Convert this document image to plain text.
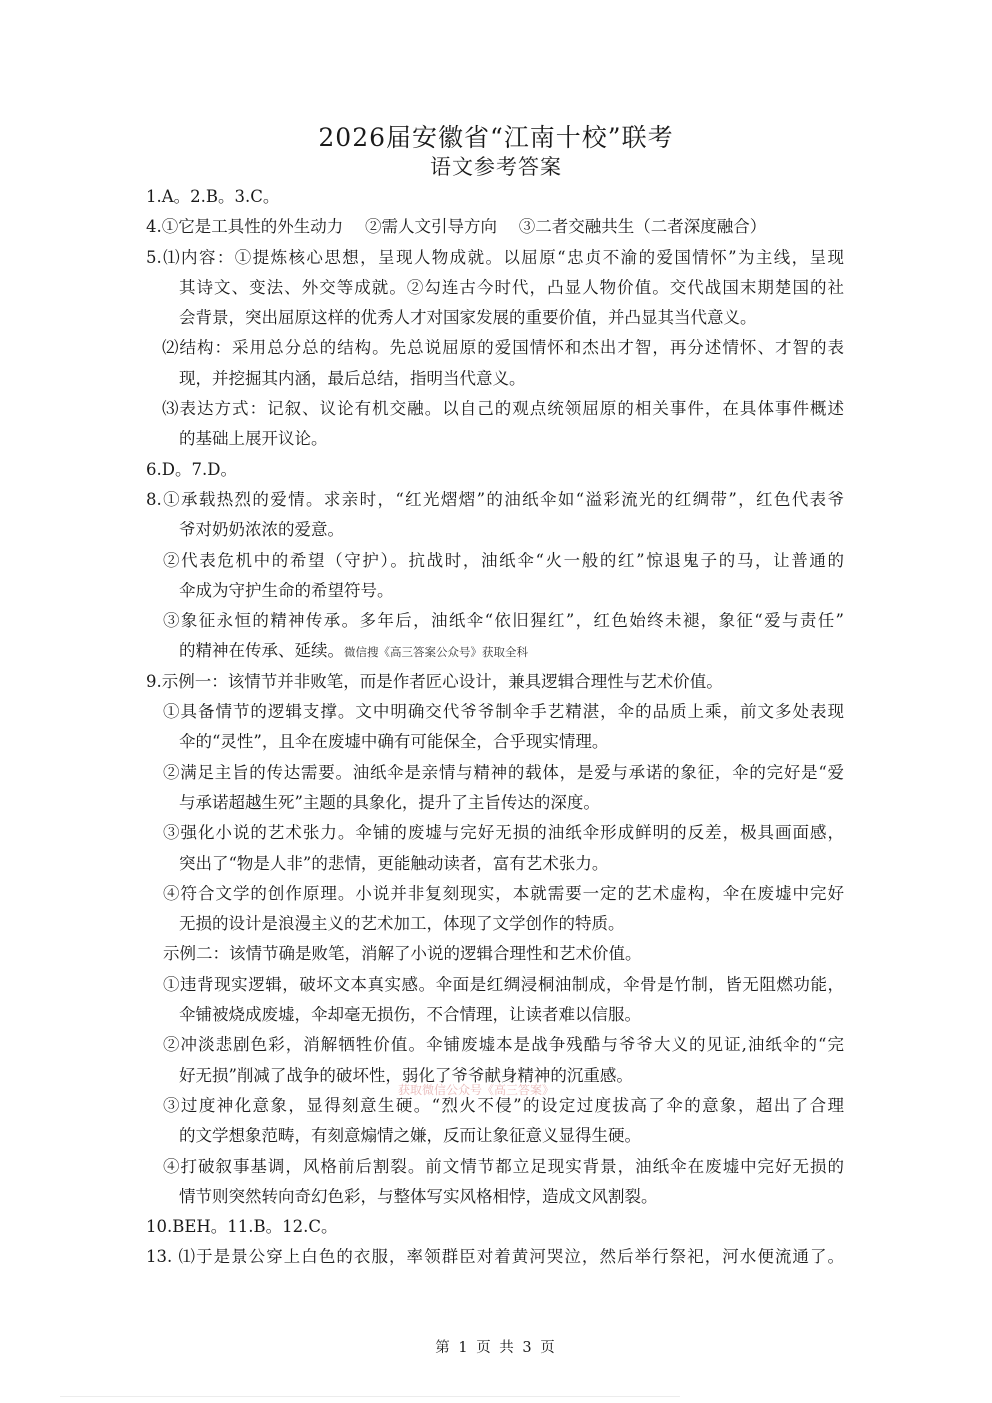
2026届安徽省“江南十校”联考
语文参考答案
1.A。2.B。3.C。
4.①它是工具性的外生动力　 ②需人文引导方向　 ③二者交融共生（二者深度融合）
5.⑴内容：①提炼核心思想，呈现人物成就。以屈原“忠贞不渝的爱国情怀”为主线，呈现
其诗文、变法、外交等成就。②勾连古今时代，凸显人物价值。交代战国末期楚国的社
会背景，突出屈原这样的优秀人才对国家发展的重要价值，并凸显其当代意义。
⑵结构：采用总分总的结构。先总说屈原的爱国情怀和杰出才智，再分述情怀、才智的表
现，并挖掘其内涵，最后总结，指明当代意义。
⑶表达方式：记叙、议论有机交融。以自己的观点统领屈原的相关事件，在具体事件概述
的基础上展开议论。
6.D。7.D。
8.①承载热烈的爱情。求亲时，“红光熠熠”的油纸伞如“溢彩流光的红绸带”，红色代表爷
爷对奶奶浓浓的爱意。
②代表危机中的希望（守护）。抗战时，油纸伞“火一般的红”惊退鬼子的马，让普通的
伞成为守护生命的希望符号。
③象征永恒的精神传承。多年后，油纸伞“依旧猩红”，红色始终未褪，象征“爱与责任”
的精神在传承、延续。微信搜《高三答案公众号》获取全科
9.示例一：该情节并非败笔，而是作者匠心设计，兼具逻辑合理性与艺术价值。
①具备情节的逻辑支撑。文中明确交代爷爷制伞手艺精湛，伞的品质上乘，前文多处表现
伞的“灵性”，且伞在废墟中确有可能保全，合乎现实情理。
②满足主旨的传达需要。油纸伞是亲情与精神的载体，是爱与承诺的象征，伞的完好是“爱
与承诺超越生死”主题的具象化，提升了主旨传达的深度。
③强化小说的艺术张力。伞铺的废墟与完好无损的油纸伞形成鲜明的反差，极具画面感，
突出了“物是人非”的悲情，更能触动读者，富有艺术张力。
④符合文学的创作原理。小说并非复刻现实，本就需要一定的艺术虚构，伞在废墟中完好
无损的设计是浪漫主义的艺术加工，体现了文学创作的特质。
示例二：该情节确是败笔，消解了小说的逻辑合理性和艺术价值。
①违背现实逻辑，破坏文本真实感。伞面是红绸浸桐油制成，伞骨是竹制，皆无阻燃功能，
伞铺被烧成废墟，伞却毫无损伤，不合情理，让读者难以信服。
②冲淡悲剧色彩，消解牺牲价值。伞铺废墟本是战争残酷与爷爷大义的见证,油纸伞的“完
好无损”削减了战争的破坏性，弱化了爷爷献身精神的沉重感。
③过度神化意象，显得刻意生硬。“烈火不侵”的设定过度拔高了伞的意象，超出了合理
的文学想象范畴，有刻意煽情之嫌，反而让象征意义显得生硬。
④打破叙事基调，风格前后割裂。前文情节都立足现实背景，油纸伞在废墟中完好无损的
情节则突然转向奇幻色彩，与整体写实风格相悖，造成文风割裂。
10.BEH。11.B。12.C。
13. ⑴于是景公穿上白色的衣服，率领群臣对着黄河哭泣，然后举行祭祀，河水便流通了。
获取微信公众号《高三答案》
第 1 页 共 3 页
